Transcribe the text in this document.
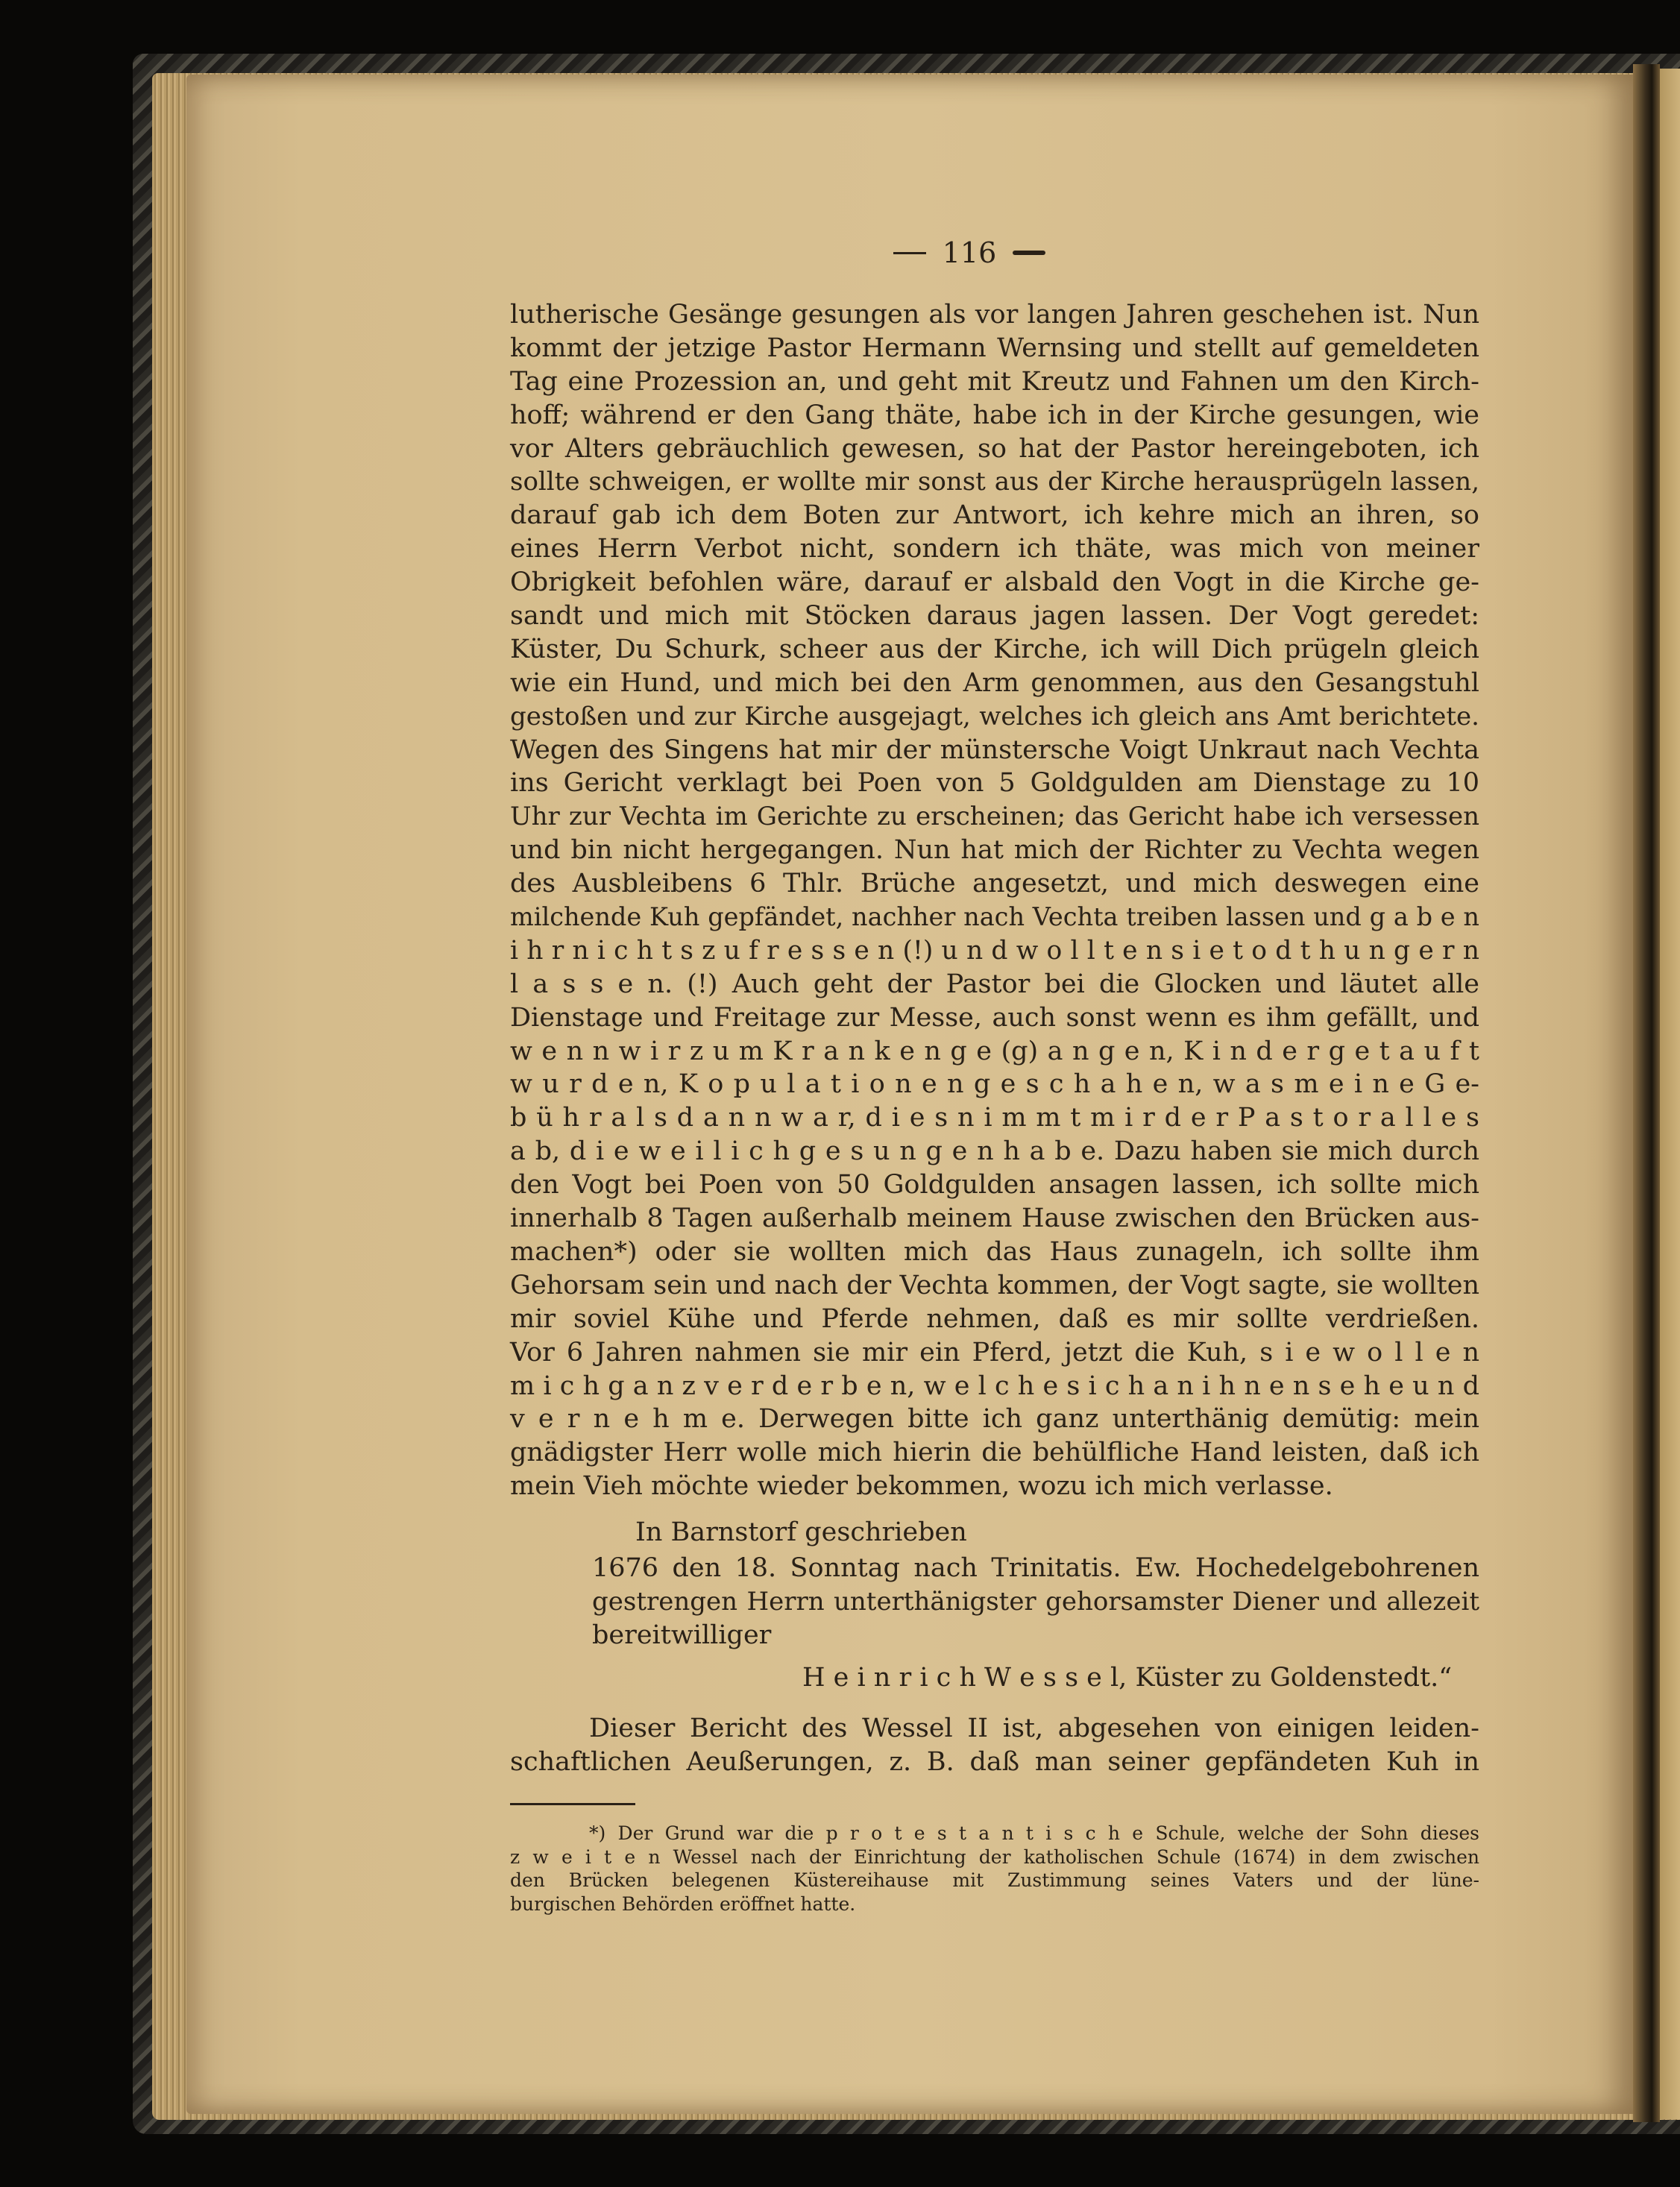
116
lutherische Gesänge gesungen als vor langen Jahren geschehen ist. Nun
kommt der jetzige Pastor Hermann Wernsing und stellt auf gemeldeten
Tag eine Prozession an, und geht mit Kreutz und Fahnen um den Kirch-
hoff; während er den Gang thäte, habe ich in der Kirche gesungen, wie
vor Alters gebräuchlich gewesen, so hat der Pastor hereingeboten, ich
sollte schweigen, er wollte mir sonst aus der Kirche herausprügeln lassen,
darauf gab ich dem Boten zur Antwort, ich kehre mich an ihren, so
eines Herrn Verbot nicht, sondern ich thäte, was mich von meiner
Obrigkeit befohlen wäre, darauf er alsbald den Vogt in die Kirche ge-
sandt und mich mit Stöcken daraus jagen lassen. Der Vogt geredet:
Küster, Du Schurk, scheer aus der Kirche, ich will Dich prügeln gleich
wie ein Hund, und mich bei den Arm genommen, aus den Gesangstuhl
gestoßen und zur Kirche ausgejagt, welches ich gleich ans Amt berichtete.
Wegen des Singens hat mir der münstersche Voigt Unkraut nach Vechta
ins Gericht verklagt bei Poen von 5 Goldgulden am Dienstage zu 10
Uhr zur Vechta im Gerichte zu erscheinen; das Gericht habe ich versessen
und bin nicht hergegangen. Nun hat mich der Richter zu Vechta wegen
des Ausbleibens 6 Thlr. Brüche angesetzt, und mich deswegen eine
milchende Kuh gepfändet, nachher nach Vechta treiben lassen und g a b e n
i h r n i c h t s z u f r e s s e n (!) u n d w o l l t e n s i e t o d t h u n g e r n
l a s s e n. (!) Auch geht der Pastor bei die Glocken und läutet alle
Dienstage und Freitage zur Messe, auch sonst wenn es ihm gefällt, und
w e n n w i r z u m K r a n k e n g e (g) a n g e n, K i n d e r g e t a u f t
w u r d e n, K o p u l a t i o n e n g e s c h a h e n, w a s m e i n e G e-
b ü h r a l s d a n n w a r, d i e s n i m m t m i r d e r P a s t o r a l l e s
a b, d i e w e i l i c h g e s u n g e n h a b e. Dazu haben sie mich durch
den Vogt bei Poen von 50 Goldgulden ansagen lassen, ich sollte mich
innerhalb 8 Tagen außerhalb meinem Hause zwischen den Brücken aus-
machen*) oder sie wollten mich das Haus zunageln, ich sollte ihm
Gehorsam sein und nach der Vechta kommen, der Vogt sagte, sie wollten
mir soviel Kühe und Pferde nehmen, daß es mir sollte verdrießen.
Vor 6 Jahren nahmen sie mir ein Pferd, jetzt die Kuh, s i e w o l l e n
m i c h g a n z v e r d e r b e n, w e l c h e s i c h a n i h n e n s e h e u n d
v e r n e h m e. Derwegen bitte ich ganz unterthänig demütig: mein
gnädigster Herr wolle mich hierin die behülfliche Hand leisten, daß ich
mein Vieh möchte wieder bekommen, wozu ich mich verlasse.
In Barnstorf geschrieben
1676 den 18. Sonntag nach Trinitatis. Ew. Hochedelgebohrenen
gestrengen Herrn unterthänigster gehorsamster Diener und allezeit
bereitwilliger
H e i n r i c h W e s s e l, Küster zu Goldenstedt.“
Dieser Bericht des Wessel II ist, abgesehen von einigen leiden-
schaftlichen Aeußerungen, z. B. daß man seiner gepfändeten Kuh in
*) Der Grund war die p r o t e s t a n t i s c h e Schule, welche der Sohn dieses
z w e i t e n Wessel nach der Einrichtung der katholischen Schule (1674) in dem zwischen
den Brücken belegenen Küstereihause mit Zustimmung seines Vaters und der lüne-
burgischen Behörden eröffnet hatte.
